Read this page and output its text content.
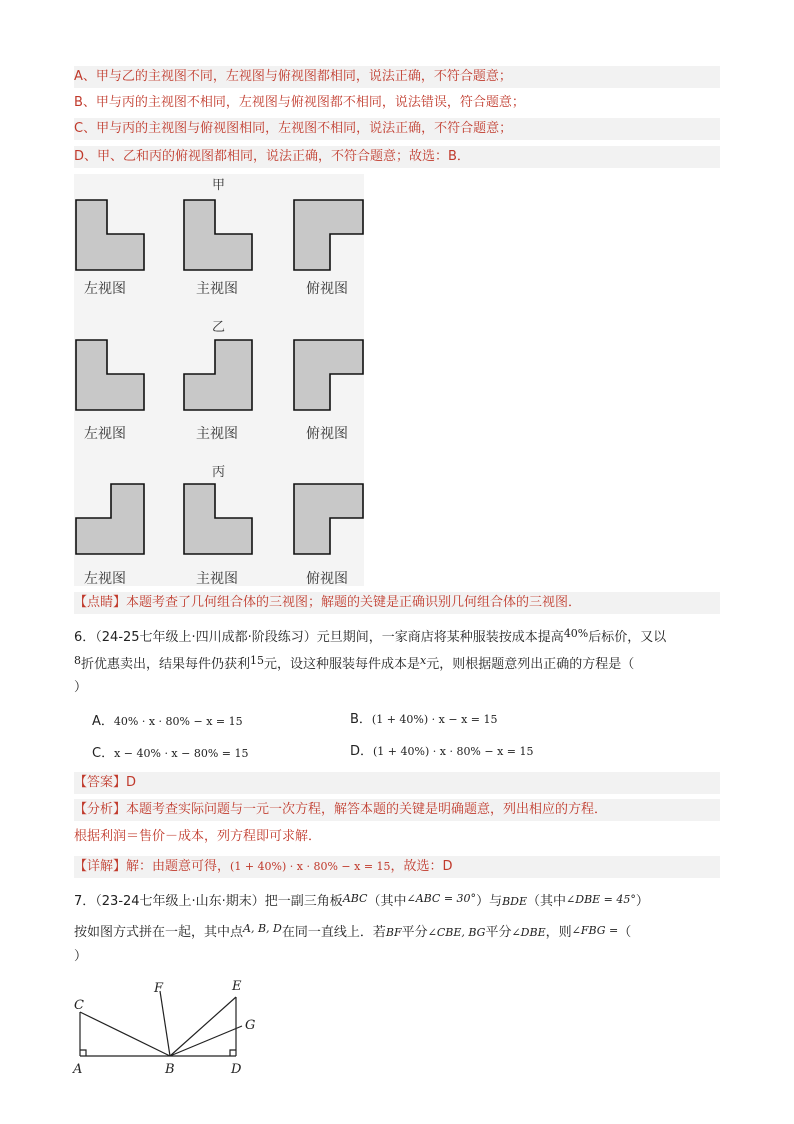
A、甲与乙的主视图不同，左视图与俯视图都相同，说法正确，不符合题意；
B、甲与丙的主视图不相同，左视图与俯视图都不相同，说法错误，符合题意；
C、甲与丙的主视图与俯视图相同，左视图不相同，说法正确，不符合题意；
D、甲、乙和丙的俯视图都相同，说法正确，不符合题意；故选：B．
甲
左视图	主视图	俯视图
乙
左视图	主视图	俯视图
丙
左视图	主视图	俯视图
【点睛】本题考查了几何组合体的三视图；解题的关键是正确识别几何组合体的三视图．
6．（24-25七年级上·四川成都·阶段练习）元旦期间，一家商店将某种服装按成本提高$^{40\%}$后标价，又以
$^8$折优惠卖出，结果每件仍获利$^{15}$元，设这种服装每件成本是$^x$元，则根据题意列出正确的方程是（
）
A．40% · x · 80% − x = 15	B．(1 + 40%) · x − x = 15
C．x − 40% · x − 80% = 15	D．(1 + 40%) · x · 80% − x = 15
【答案】D
【分析】本题考查实际问题与一元一次方程，解答本题的关键是明确题意，列出相应的方程．
根据利润＝售价－成本，列方程即可求解．
【详解】解：由题意可得，(1 + 40%) · x · 80% − x = 15，故选：D
7．（23-24七年级上·山东·期末）把一副三角板$^{ABC}$（其中$^{\angle ABC = 30^\circ}$）与BDE（其中∠DBE = 45°）
按如图方式拼在一起，其中点$^{A, B, D}$在同一直线上．若BF平分∠CBE, BG平分∠DBE，则∠FBG =（
）
A	B
C
D
E
F
G
